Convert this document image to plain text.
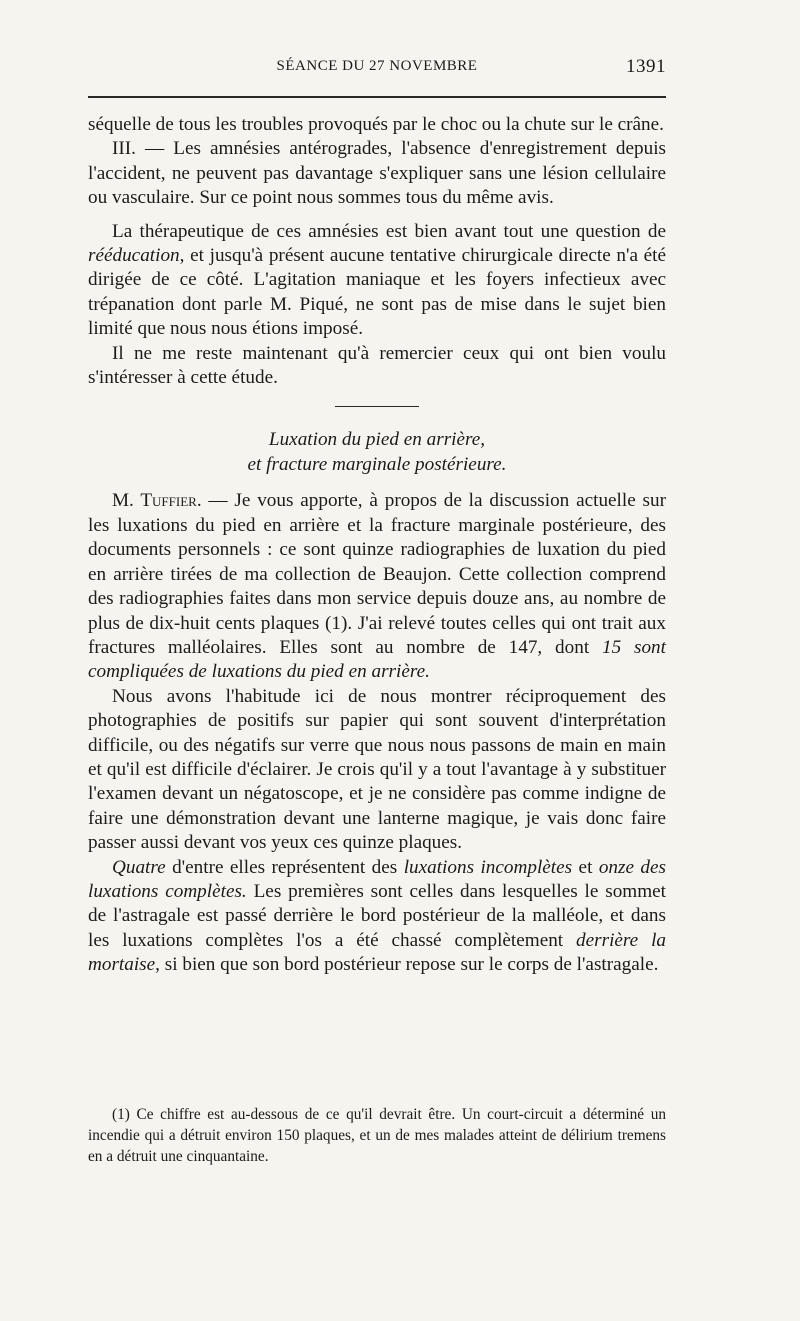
SÉANCE DU 27 NOVEMBRE	1391

séquelle de tous les troubles provoqués par le choc ou la chute sur le crâne.

III. — Les amnésies antérogrades, l'absence d'enregistrement depuis l'accident, ne peuvent pas davantage s'expliquer sans une lésion cellulaire ou vasculaire. Sur ce point nous sommes tous du même avis.

La thérapeutique de ces amnésies est bien avant tout une question de rééducation, et jusqu'à présent aucune tentative chirurgicale directe n'a été dirigée de ce côté. L'agitation maniaque et les foyers infectieux avec trépanation dont parle M. Piqué, ne sont pas de mise dans le sujet bien limité que nous nous étions imposé.

Il ne me reste maintenant qu'à remercier ceux qui ont bien voulu s'intéresser à cette étude.

Luxation du pied en arrière,
et fracture marginale postérieure.

M. Tuffier. — Je vous apporte, à propos de la discussion actuelle sur les luxations du pied en arrière et la fracture marginale postérieure, des documents personnels : ce sont quinze radiographies de luxation du pied en arrière tirées de ma collection de Beaujon. Cette collection comprend des radiographies faites dans mon service depuis douze ans, au nombre de plus de dix-huit cents plaques (1). J'ai relevé toutes celles qui ont trait aux fractures malléolaires. Elles sont au nombre de 147, dont 15 sont compliquées de luxations du pied en arrière.

Nous avons l'habitude ici de nous montrer réciproquement des photographies de positifs sur papier qui sont souvent d'interprétation difficile, ou des négatifs sur verre que nous nous passons de main en main et qu'il est difficile d'éclairer. Je crois qu'il y a tout l'avantage à y substituer l'examen devant un négatoscope, et je ne considère pas comme indigne de faire une démonstration devant une lanterne magique, je vais donc faire passer aussi devant vos yeux ces quinze plaques.

Quatre d'entre elles représentent des luxations incomplètes et onze des luxations complètes. Les premières sont celles dans lesquelles le sommet de l'astragale est passé derrière le bord postérieur de la malléole, et dans les luxations complètes l'os a été chassé complètement derrière la mortaise, si bien que son bord postérieur repose sur le corps de l'astragale.

(1) Ce chiffre est au-dessous de ce qu'il devrait être. Un court-circuit a déterminé un incendie qui a détruit environ 150 plaques, et un de mes malades atteint de délirium tremens en a détruit une cinquantaine.
